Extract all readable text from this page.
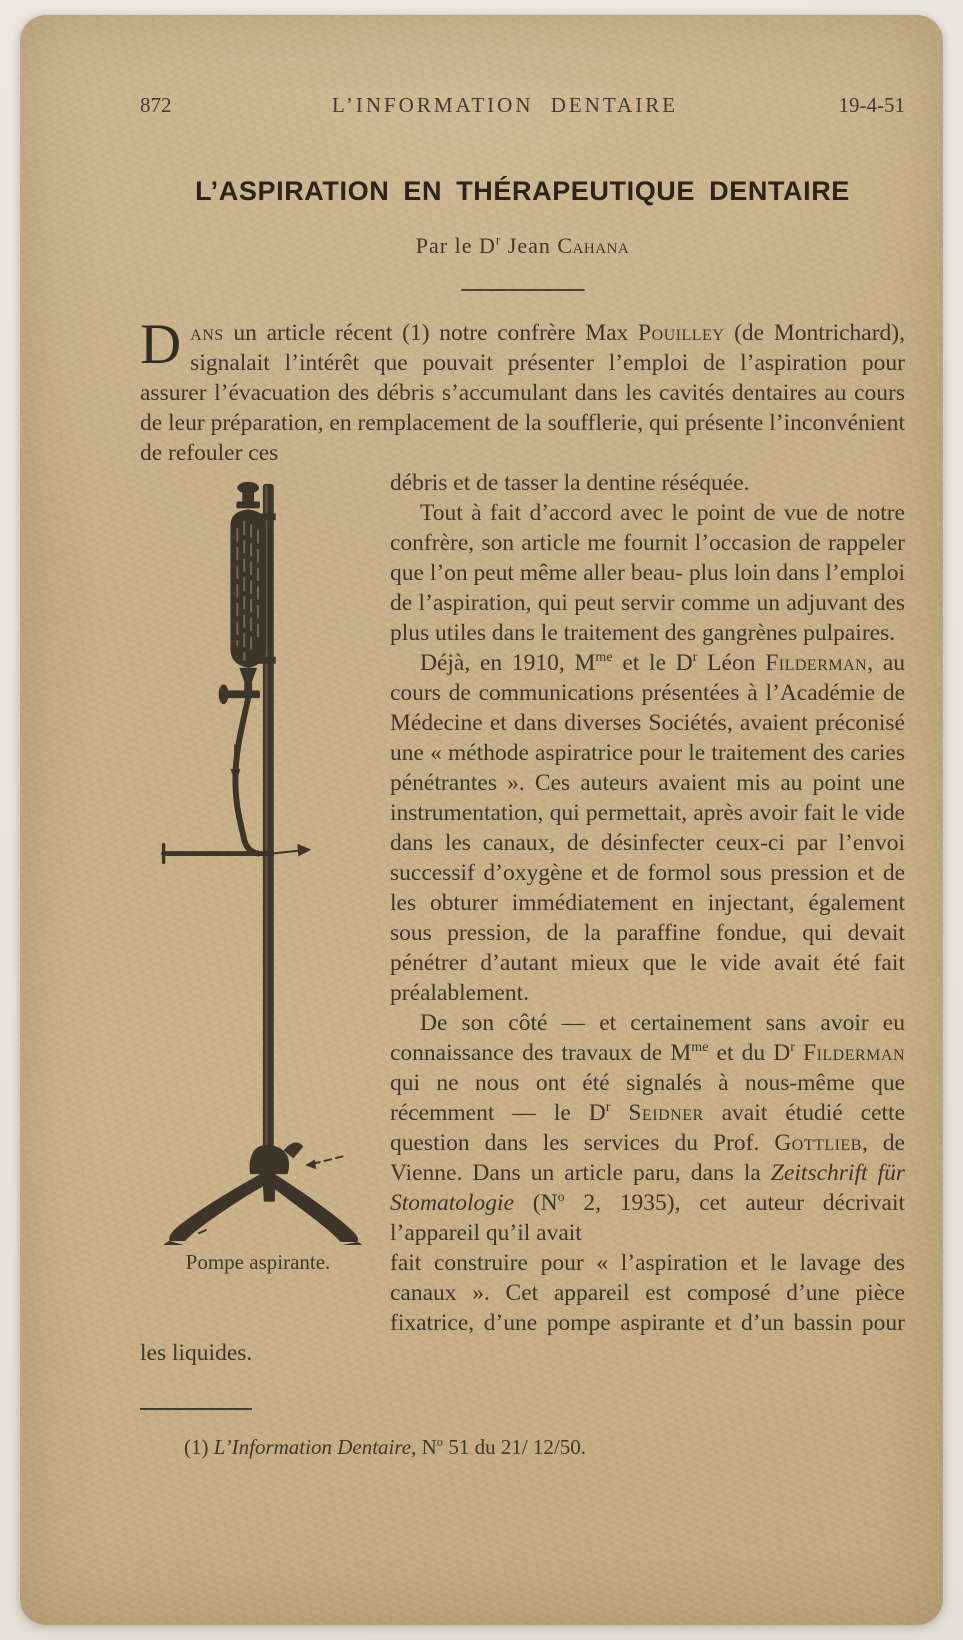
872	L’INFORMATION DENTAIRE	19-4-51
L’ASPIRATION EN THÉRAPEUTIQUE DENTAIRE
Par le $D^r$ Jean Cahana

Dans un article récent (1) notre confrère Max Pouilley (de Montrichard), signalait l’intérêt que pouvait présenter l’emploi de l’aspiration pour assurer l’évacuation des débris s’accumulant dans les cavités dentaires au cours de leur préparation, en remplacement de la soufflerie, qui présente l’inconvénient de refouler ces

Pompe aspirante.

débris et de tasser la dentine réséquée.

Tout à fait d’accord avec le point de vue de notre confrère, son article me fournit l’occasion de rappeler que l’on peut même aller beau- plus loin dans l’emploi de l’aspiration, qui peut servir comme un adjuvant des plus utiles dans le traitement des gangrènes pulpaires.

Déjà, en 1910, $M^{me}$ et le $D^r$ Léon Filderman, au cours de communications présentées à l’Académie de Médecine et dans diverses Sociétés, avaient préconisé une « méthode aspiratrice pour le traitement des caries pénétrantes ». Ces auteurs avaient mis au point une instrumentation, qui permettait, après avoir fait le vide dans les canaux, de désinfecter ceux-ci par l’envoi successif d’oxygène et de formol sous pression et de les obturer immédiatement en injectant, également sous pression, de la paraffine fondue, qui devait pénétrer d’autant mieux que le vide avait été fait préalablement.

De son côté — et certainement sans avoir eu connaissance des travaux de $M^{me}$ et du $D^r$ Filderman qui ne nous ont été signalés à nous-même que récemment — le $D^r$ Seidner avait étudié cette question dans les services du Prof. Gottlieb, de Vienne. Dans un article paru, dans la Zeitschrift für Stomatologie ($N^o$ 2, 1935), cet auteur décrivait l’appareil qu’il avait

fait construire pour « l’aspiration et le lavage des canaux ». Cet appareil est composé d’une pièce fixatrice, d’une pompe aspirante et d’un bassin pour les liquides.

(1) L’Information Dentaire, $N^o$ 51 du 21/ 12/50.
